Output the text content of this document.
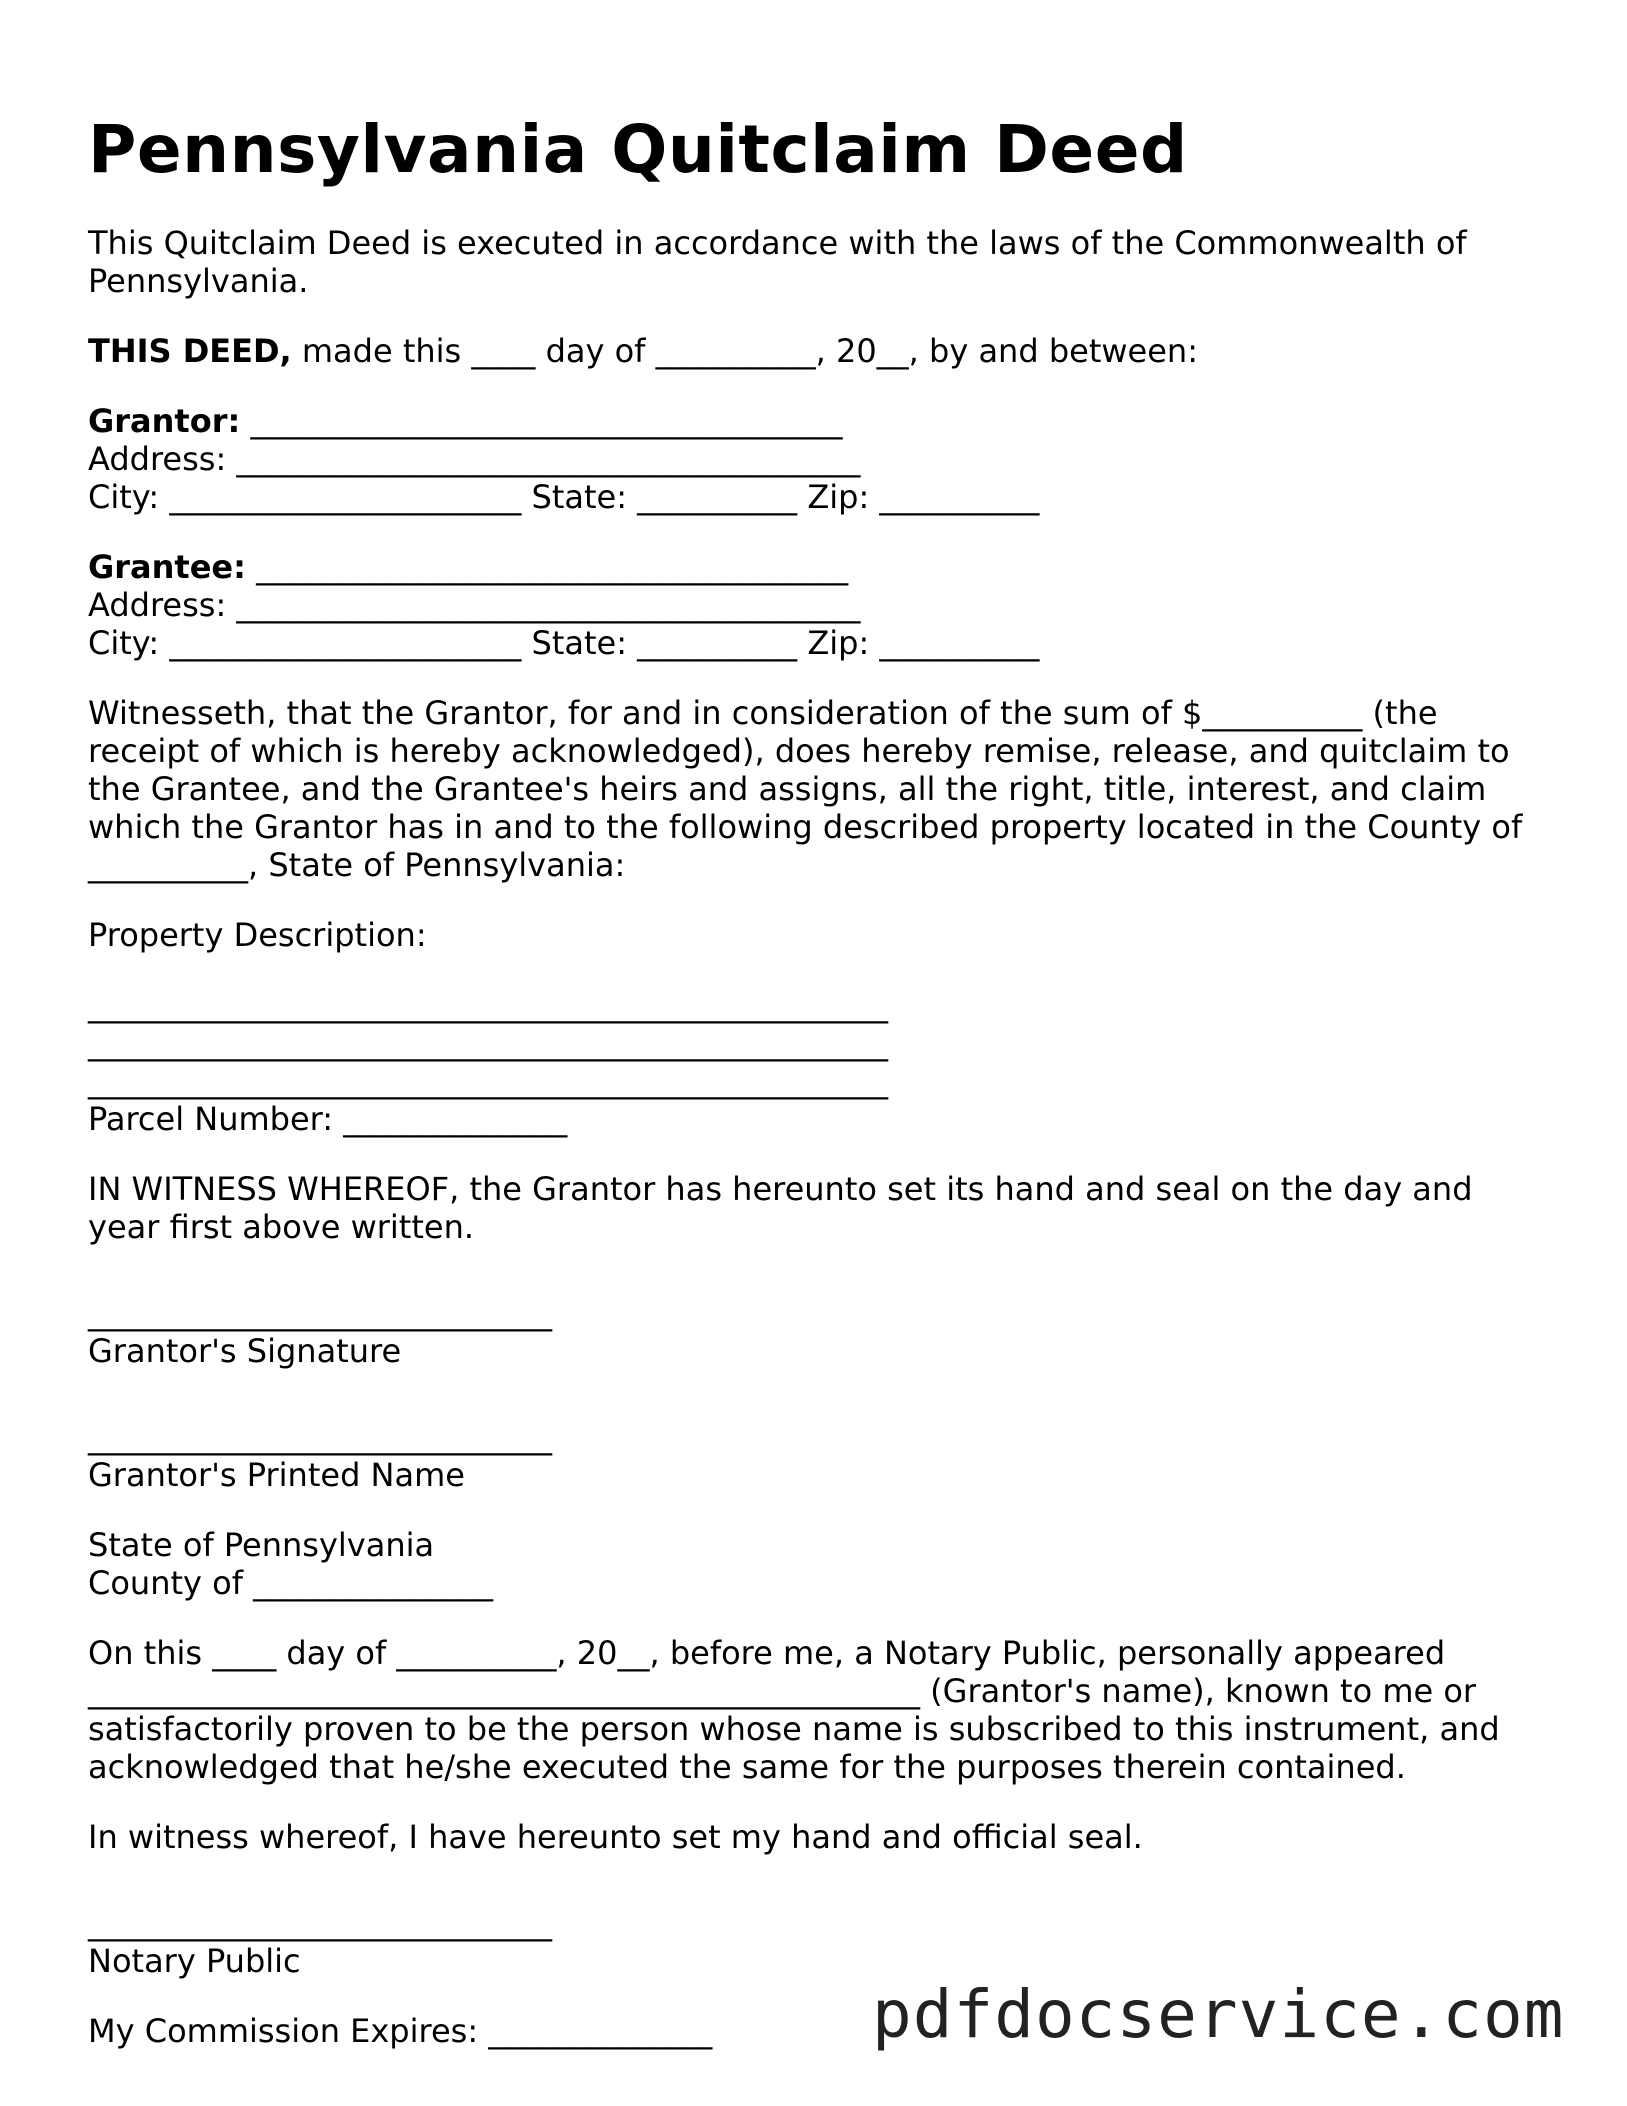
Pennsylvania Quitclaim Deed
This Quitclaim Deed is executed in accordance with the laws of the Commonwealth of Pennsylvania.
THIS DEED, made this ____ day of __________, 20__, by and between:
Grantor: _____________________________________
Address: _______________________________________
City: ______________________ State: __________ Zip: __________
Grantee: _____________________________________
Address: _______________________________________
City: ______________________ State: __________ Zip: __________
Witnesseth, that the Grantor, for and in consideration of the sum of $__________ (the receipt of which is hereby acknowledged), does hereby remise, release, and quitclaim to the Grantee, and the Grantee's heirs and assigns, all the right, title, interest, and claim which the Grantor has in and to the following described property located in the County of __________, State of Pennsylvania:
Property Description:
__________________________________________________
__________________________________________________
__________________________________________________
Parcel Number: ______________
IN WITNESS WHEREOF, the Grantor has hereunto set its hand and seal on the day and year first above written.
_____________________________
Grantor's Signature
_____________________________
Grantor's Printed Name
State of Pennsylvania
County of _______________
On this ____ day of __________, 20__, before me, a Notary Public, personally appeared
____________________________________________________ (Grantor's name), known to me or
satisfactorily proven to be the person whose name is subscribed to this instrument, and
acknowledged that he/she executed the same for the purposes therein contained.
In witness whereof, I have hereunto set my hand and official seal.
_____________________________
Notary Public
My Commission Expires: ______________	pdfdocservice.com
